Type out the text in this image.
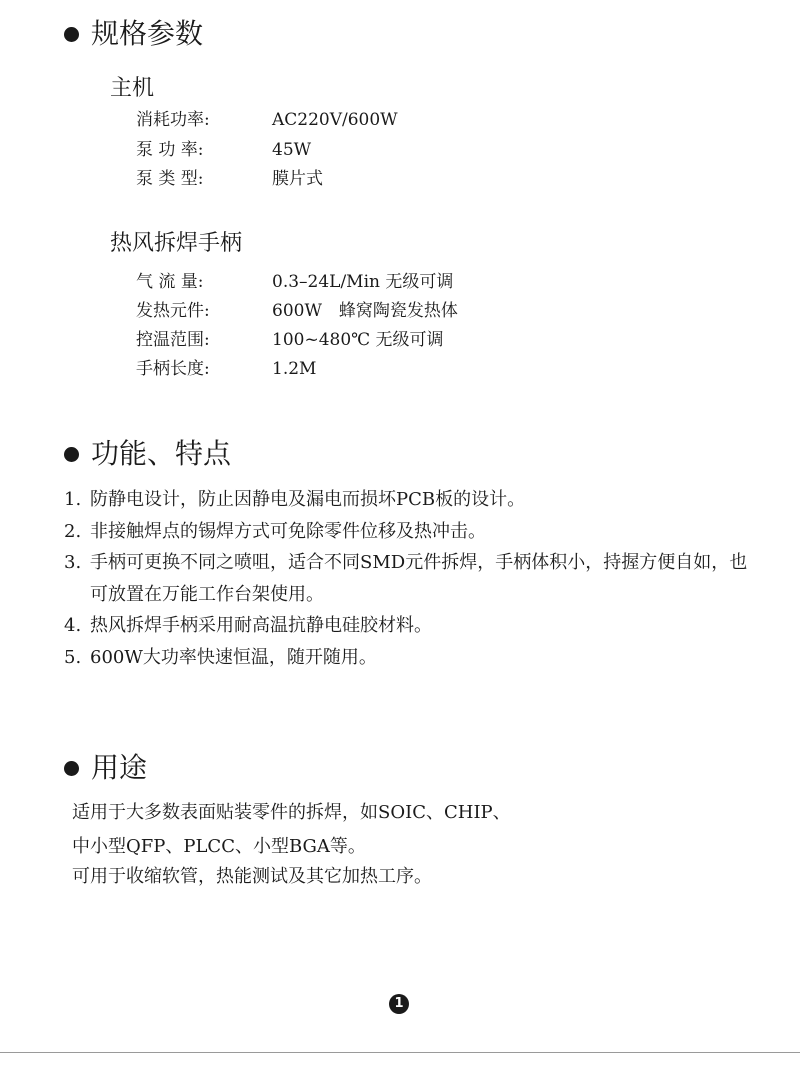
规格参数
主机
消耗功率:	AC220V/600W
泵 功 率:	45W
泵 类 型:	膜片式
热风拆焊手柄
气 流 量:	0.3–24L/Min 无级可调
发热元件:	600W　蜂窝陶瓷发热体
控温范围:	100~480℃ 无级可调
手柄长度:	1.2M
功能、特点
1. 防静电设计，防止因静电及漏电而损坏PCB板的设计。
2. 非接触焊点的锡焊方式可免除零件位移及热冲击。
3. 手柄可更换不同之喷咀，适合不同SMD元件拆焊，手柄体积小，持握方便自如，也可放置在万能工作台架使用。
4. 热风拆焊手柄采用耐高温抗静电硅胶材料。
5. 600W大功率快速恒温，随开随用。
用途
适用于大多数表面贴装零件的拆焊，如SOIC、CHIP、
中小型QFP、PLCC、小型BGA等。
可用于收缩软管，热能测试及其它加热工序。
1
